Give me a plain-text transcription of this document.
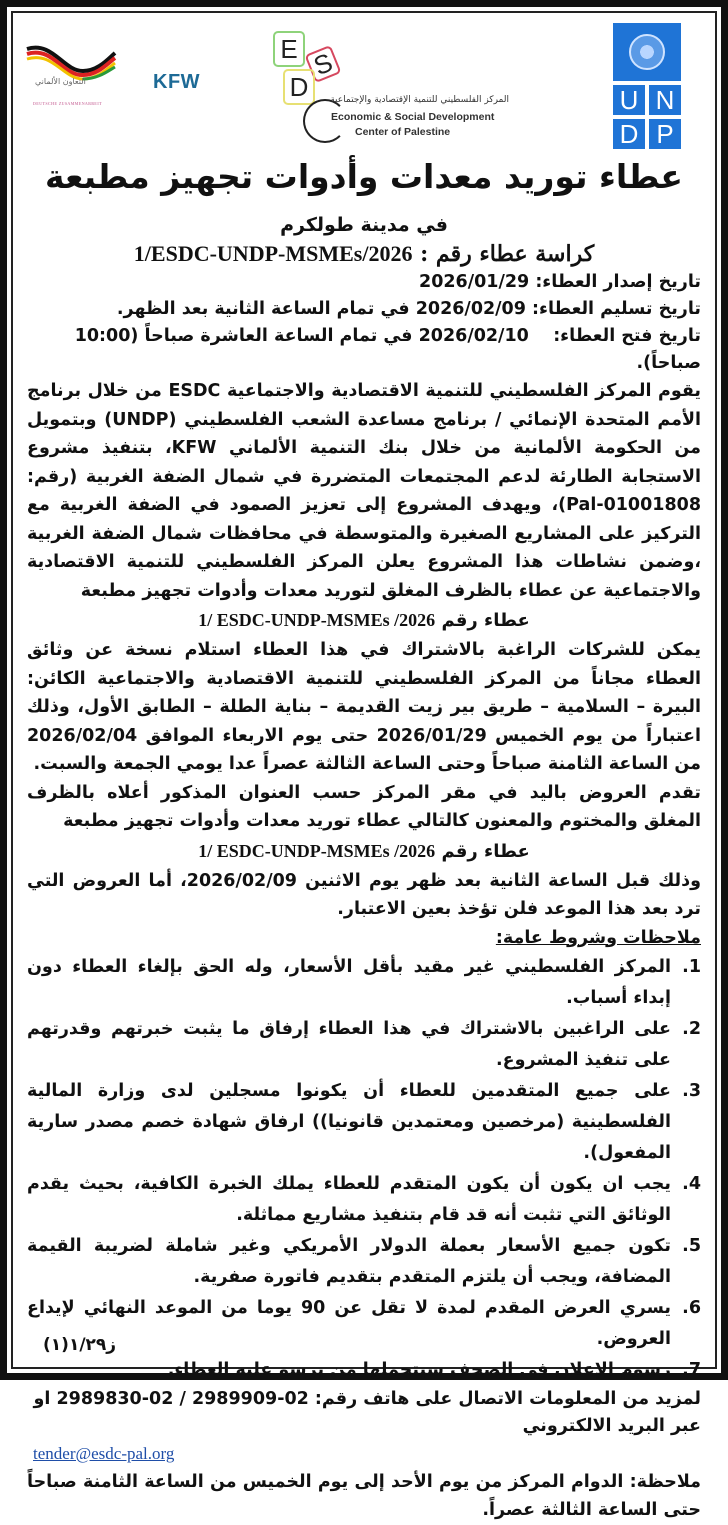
التعاون الألماني
DEUTSCHE ZUSAMMENARBEIT
KFW
E S
D	المركز الفلسطيني للتنمية الإقتصادية والإجتماعية
Economic & Social Development
Center of Palestine
U N
D P
عطاء توريد معدات وأدوات تجهيز مطبعة
في مدينة طولكرم
كراسة عطاء رقم : 1/ESDC-UNDP-MSMEs/2026
تاريخ إصدار العطاء: 2026/01/29
تاريخ تسليم العطاء: 2026/02/09 في تمام الساعة الثانية بعد الظهر.
تاريخ فتح العطاء:    2026/02/10 في تمام الساعة العاشرة صباحاً (10:00 صباحاً).
يقوم المركز الفلسطيني للتنمية الاقتصادية والاجتماعية ESDC من خلال برنامج الأمم المتحدة الإنمائي / برنامج مساعدة الشعب الفلسطيني (UNDP) وبتمويل من الحكومة الألمانية من خلال بنك التنمية الألماني KFW، بتنفيذ مشروع الاستجابة الطارئة لدعم المجتمعات المتضررة في شمال الضفة الغربية (رقم: Pal-01001808)، ويهدف المشروع إلى تعزيز الصمود في الضفة الغربية مع التركيز على المشاريع الصغيرة والمتوسطة في محافظات شمال الضفة الغربية ،وضمن نشاطات هذا المشروع يعلن المركز الفلسطيني للتنمية الاقتصادية والاجتماعية عن عطاء بالظرف المغلق لتوريد معدات وأدوات تجهيز مطبعة
عطاء رقم 1/ ESDC-UNDP-MSMEs /2026
يمكن للشركات الراغبة بالاشتراك في هذا العطاء استلام نسخة عن وثائق العطاء مجاناً من المركز الفلسطيني للتنمية الاقتصادية والاجتماعية الكائن: البيرة – السلامية – طريق بير زيت القديمة – بناية الطلة – الطابق الأول، وذلك اعتباراً من يوم الخميس 2026/01/29 حتى يوم الاربعاء الموافق 2026/02/04 من الساعة الثامنة صباحاً وحتى الساعة الثالثة عصراً عدا يومي الجمعة والسبت.
تقدم العروض باليد في مقر المركز حسب العنوان المذكور أعلاه بالظرف المغلق والمختوم والمعنون كالتالي عطاء توريد معدات وأدوات تجهيز مطبعة
عطاء رقم 1/ ESDC-UNDP-MSMEs /2026
وذلك قبل الساعة الثانية بعد ظهر يوم الاثنين 2026/02/09، أما العروض التي ترد بعد هذا الموعد فلن تؤخذ بعين الاعتبار.
ملاحظات وشروط عامة:
1.
المركز الفلسطيني غير مقيد بأقل الأسعار، وله الحق بإلغاء العطاء دون إبداء أسباب.
2.
على الراغبين بالاشتراك في هذا العطاء إرفاق ما يثبت خبرتهم وقدرتهم على تنفيذ المشروع.
3.
على جميع المتقدمين للعطاء أن يكونوا مسجلين لدى وزارة المالية الفلسطينية (مرخصين ومعتمدين قانونيا)) ارفاق شهادة خصم مصدر سارية المفعول).
4.
يجب ان يكون أن يكون المتقدم للعطاء يملك الخبرة الكافية، بحيث يقدم الوثائق التي تثبت أنه قد قام بتنفيذ مشاريع مماثلة.
5.
تكون جميع الأسعار بعملة الدولار الأمريكي وغير شاملة لضريبة القيمة المضافة، ويجب أن يلتزم المتقدم بتقديم فاتورة صفرية.
6.
يسري العرض المقدم لمدة لا تقل عن 90 يوما من الموعد النهائي لإيداع العروض.
7.
رسوم الإعلان في الصحف سيتحملها من يرسو عليه العطاء.
لمزيد من المعلومات الاتصال على هاتف رقم: 02-2989909 / 02-2989830 او عبر البريد الالكتروني
tender@esdc-pal.org
ملاحظة: الدوام المركز من يوم الأحد إلى يوم الخميس من الساعة الثامنة صباحاً حتى الساعة الثالثة عصراً.
ز١/٢٩(١)
